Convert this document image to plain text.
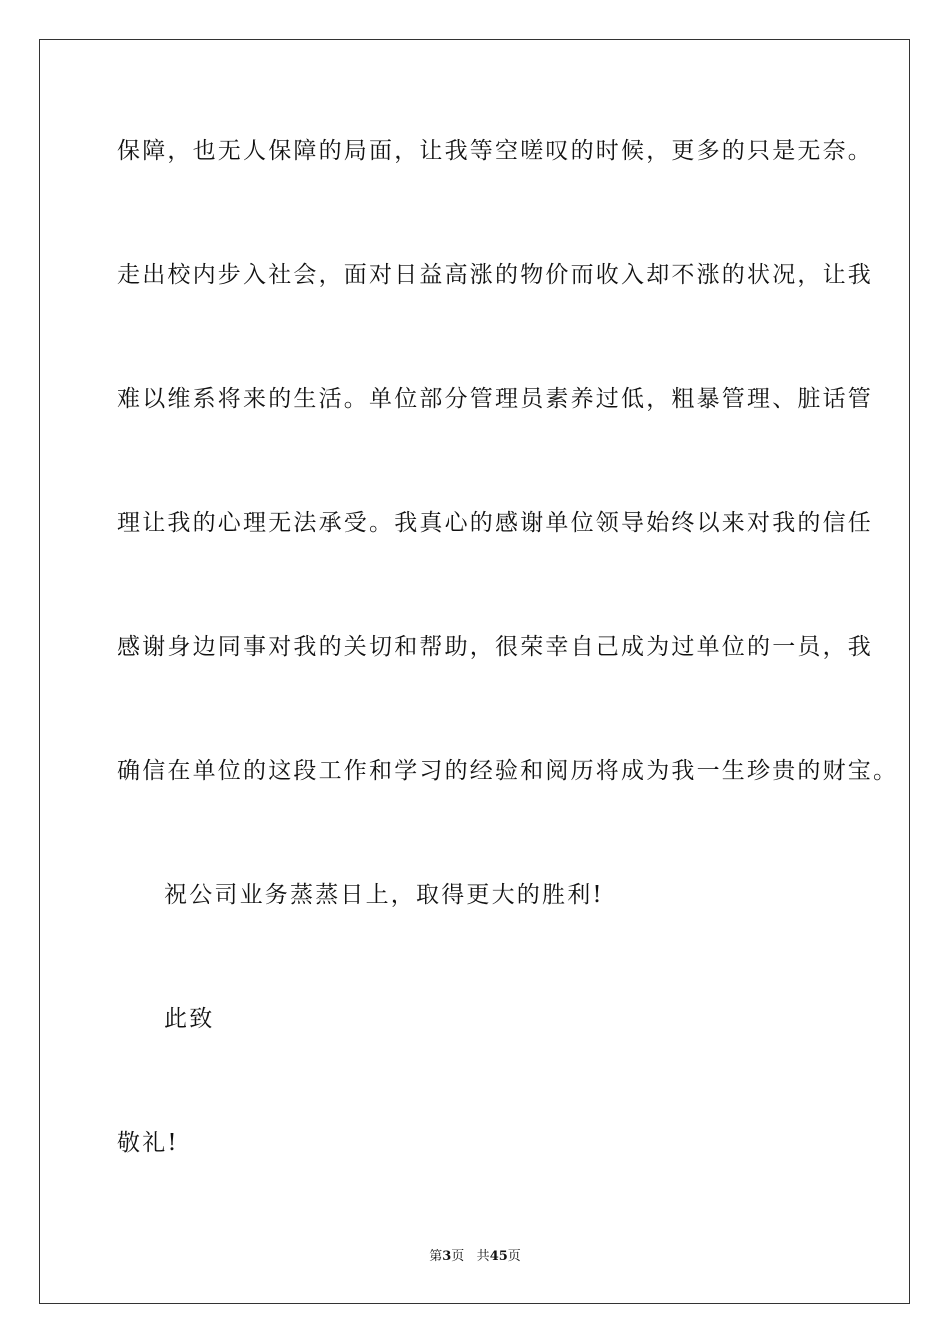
保障，也无人保障的局面，让我等空嗟叹的时候，更多的只是无奈。
走出校内步入社会，面对日益高涨的物价而收入却不涨的状况，让我
难以维系将来的生活。单位部分管理员素养过低，粗暴管理、脏话管
理让我的心理无法承受。我真心的感谢单位领导始终以来对我的信任
感谢身边同事对我的关切和帮助，很荣幸自己成为过单位的一员，我
确信在单位的这段工作和学习的经验和阅历将成为我一生珍贵的财宝。
祝公司业务蒸蒸日上，取得更大的胜利!
此致
敬礼!
第3页 共45页
